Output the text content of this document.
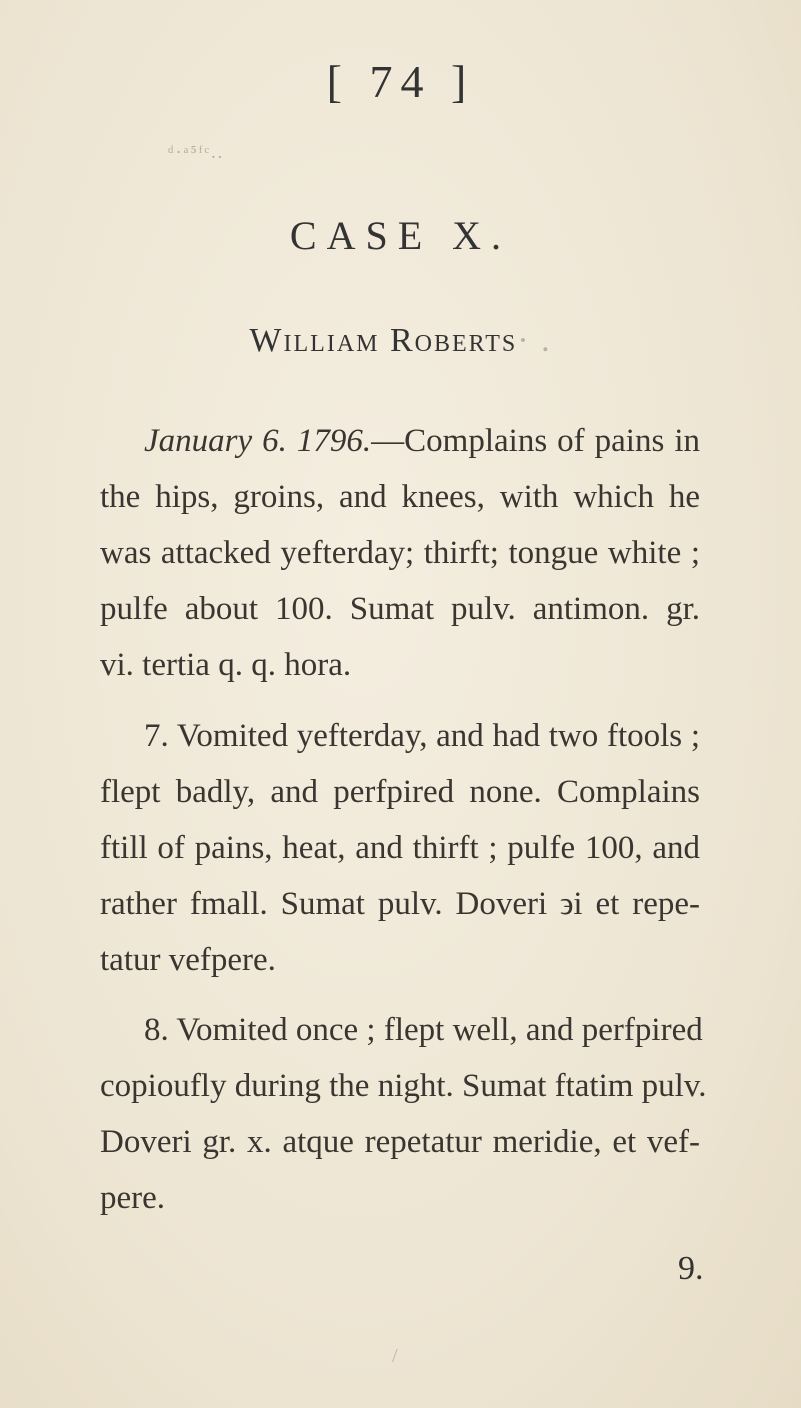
[ 74 ]
ᵈ·ᵃ⁵ᶠᶜ..
CASE X.
William Roberts· .
January 6. 1796.—Complains of pains in
the hips, groins, and knees, with which he
was attacked yefterday; thirft; tongue white ;
pulfe about 100. Sumat pulv. antimon. gr.
vi. tertia q. q. hora.
7. Vomited yefterday, and had two ftools ;
flept badly, and perfpired none. Complains
ftill of pains, heat, and thirft ; pulfe 100, and
rather fmall. Sumat pulv. Doveri ϶i et repe-
tatur vefpere.
8. Vomited once ; flept well, and perfpired
copioufly during the night. Sumat ftatim pulv.
Doveri gr. x. atque repetatur meridie, et vef-
pere.
9.
/
